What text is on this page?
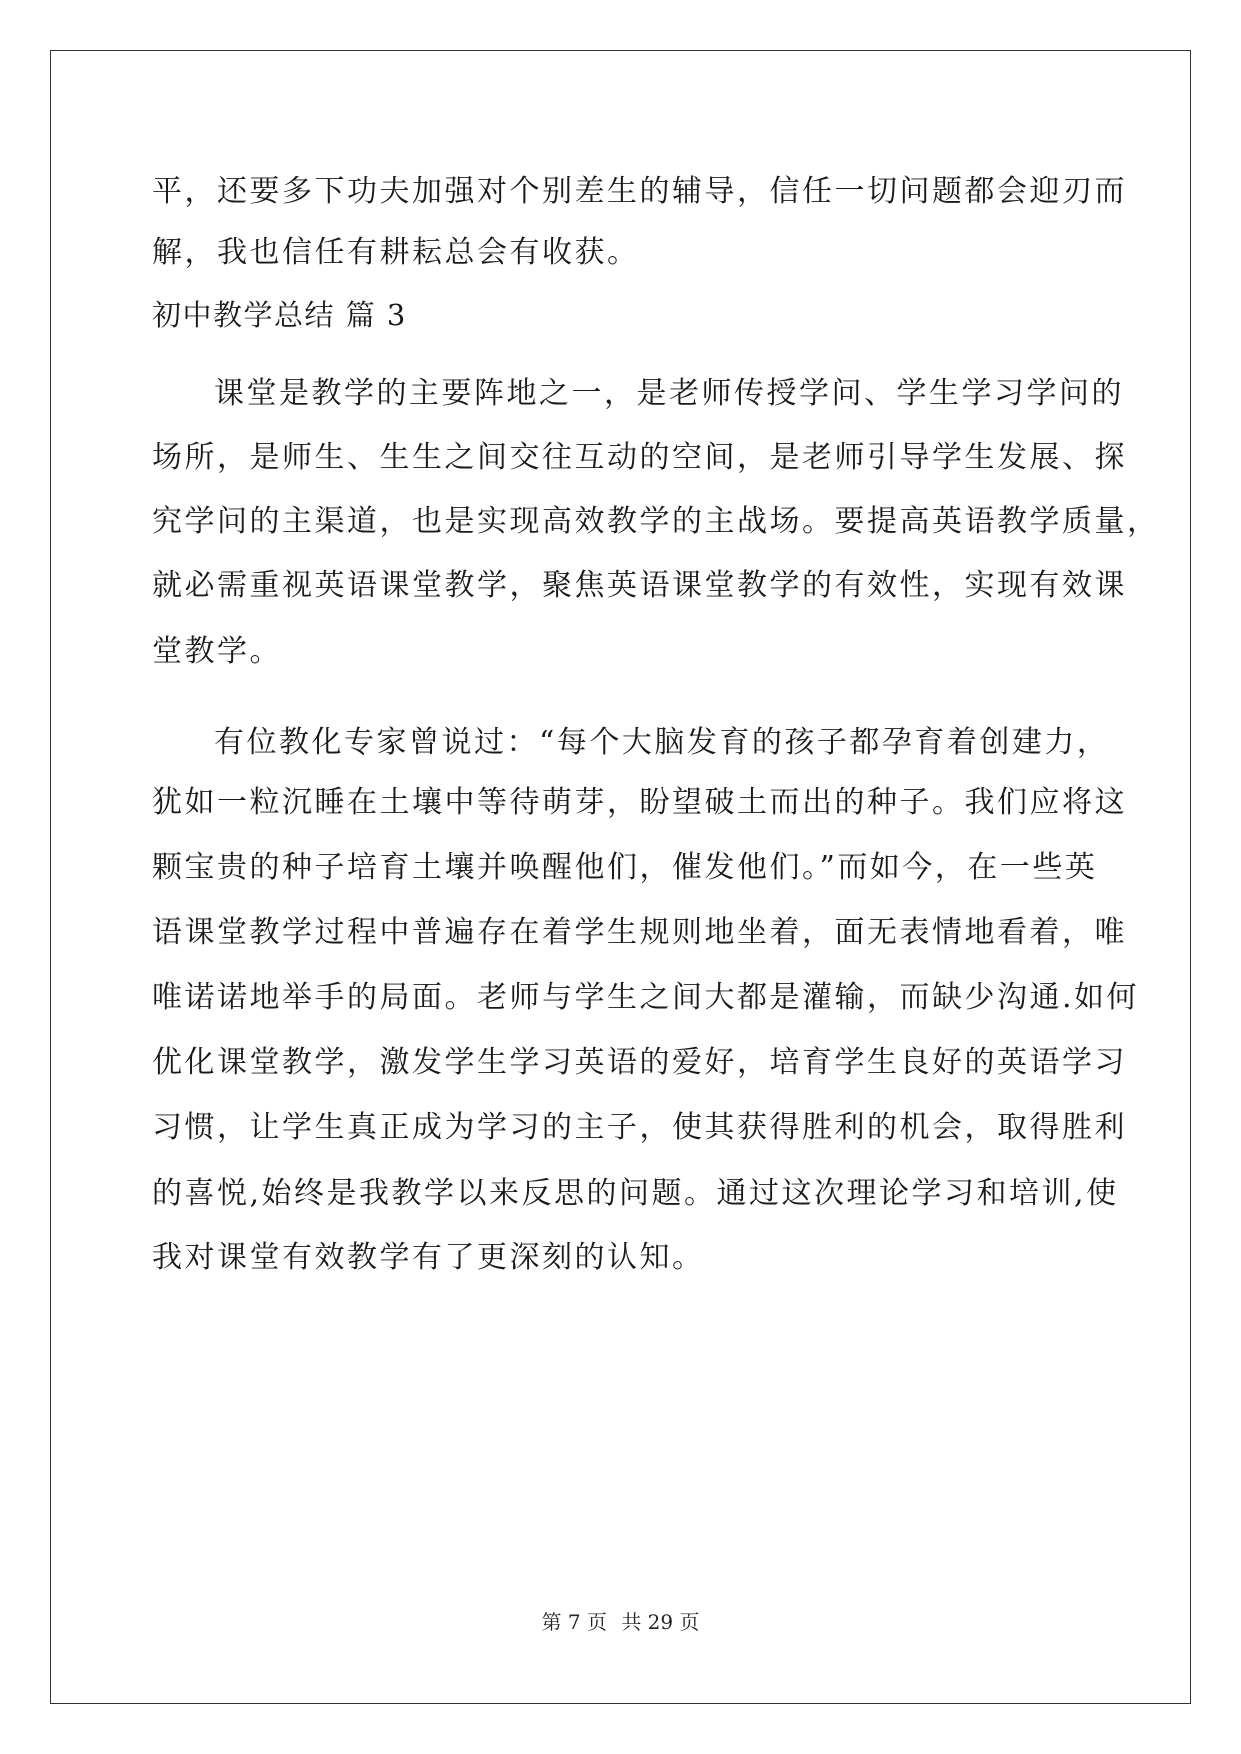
平，还要多下功夫加强对个别差生的辅导，信任一切问题都会迎刃而
解，我也信任有耕耘总会有收获。
初中教学总结 篇 3
课堂是教学的主要阵地之一，是老师传授学问、学生学习学问的
场所，是师生、生生之间交往互动的空间，是老师引导学生发展、探
究学问的主渠道，也是实现高效教学的主战场。要提高英语教学质量，
就必需重视英语课堂教学，聚焦英语课堂教学的有效性，实现有效课
堂教学。
有位教化专家曾说过：“每个大脑发育的孩子都孕育着创建力，
犹如一粒沉睡在土壤中等待萌芽，盼望破土而出的种子。我们应将这
颗宝贵的种子培育土壤并唤醒他们，催发他们。”而如今，在一些英
语课堂教学过程中普遍存在着学生规则地坐着，面无表情地看着，唯
唯诺诺地举手的局面。老师与学生之间大都是灌输，而缺少沟通.如何
优化课堂教学，激发学生学习英语的爱好，培育学生良好的英语学习
习惯，让学生真正成为学习的主子，使其获得胜利的机会，取得胜利
的喜悦,始终是我教学以来反思的问题。通过这次理论学习和培训,使
我对课堂有效教学有了更深刻的认知。
第 7 页 共 29 页
